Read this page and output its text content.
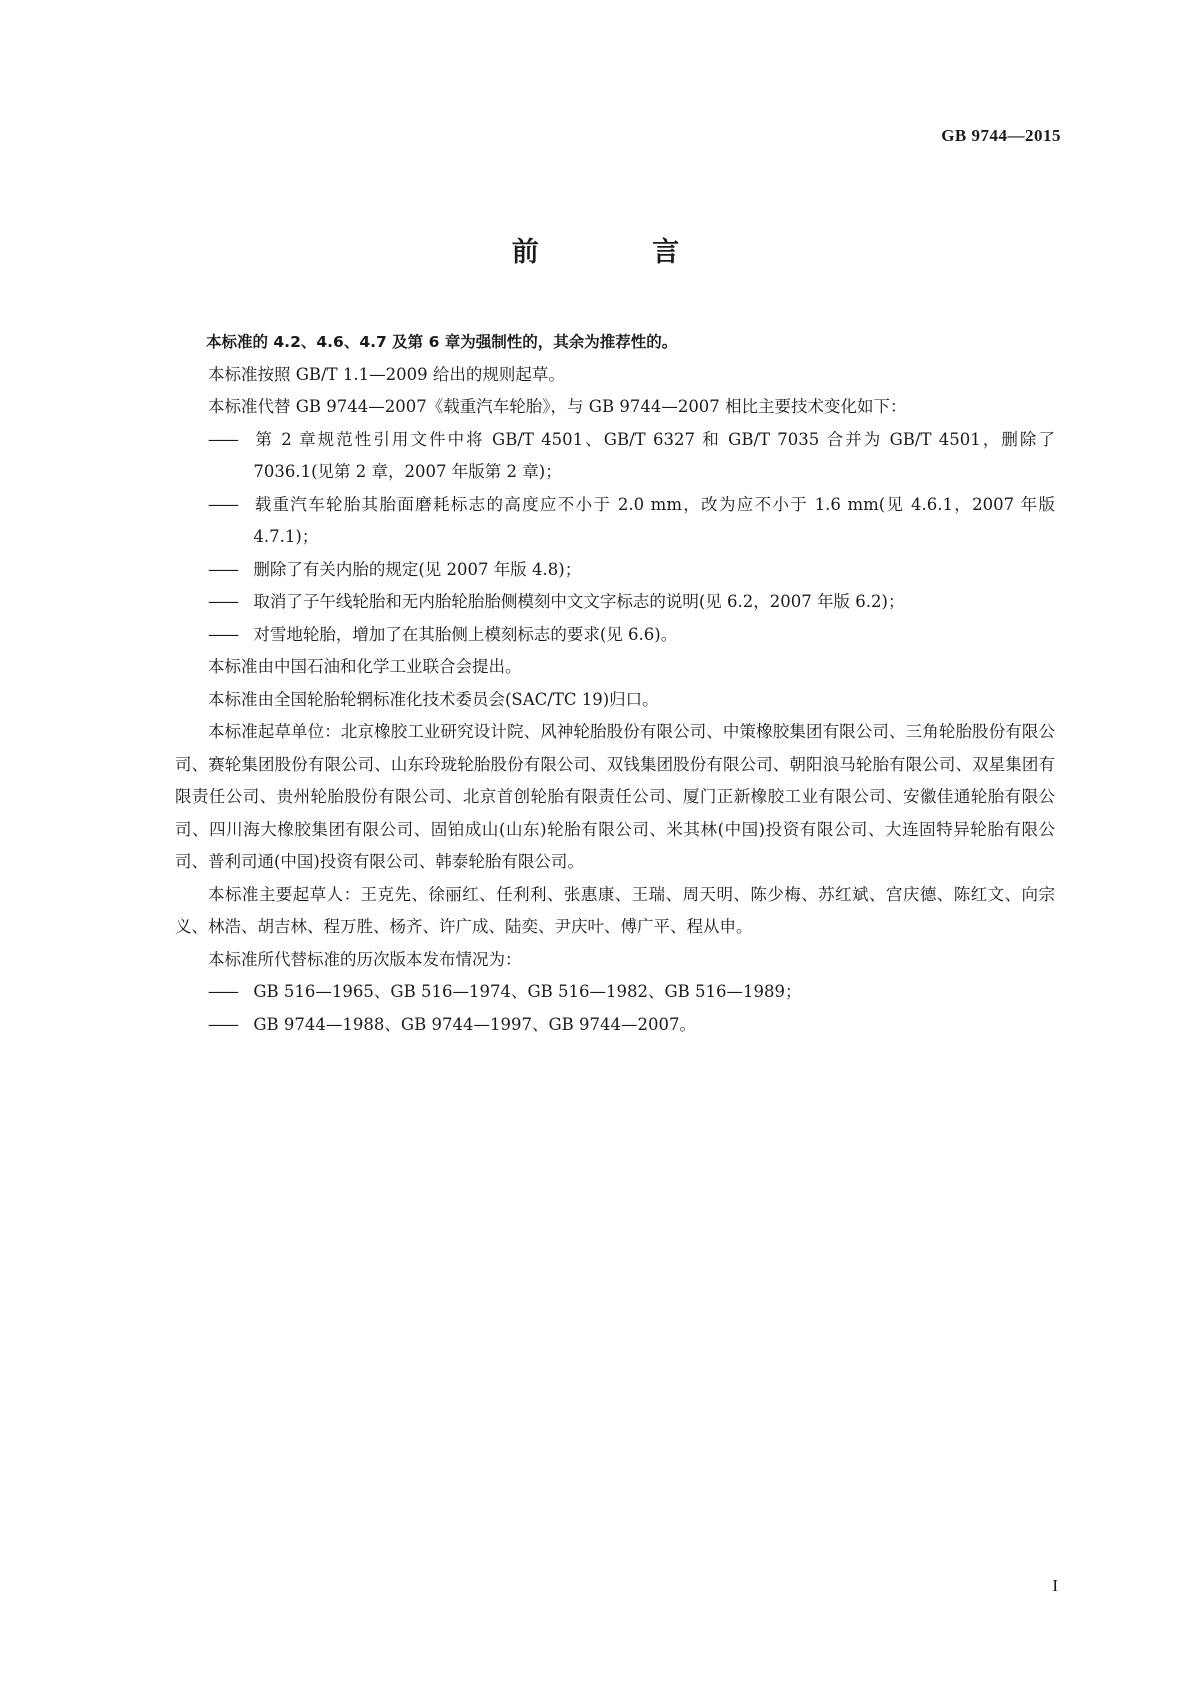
GB 9744—2015
前 言

本标准的 4.2、4.6、4.7 及第 6 章为强制性的，其余为推荐性的。

本标准按照 GB/T 1.1—2009 给出的规则起草。

本标准代替 GB 9744—2007《载重汽车轮胎》，与 GB 9744—2007 相比主要技术变化如下：

—— 第 2 章规范性引用文件中将 GB/T 4501、GB/T 6327 和 GB/T 7035 合并为 GB/T 4501，删除了 7036.1(见第 2 章，2007 年版第 2 章)；

—— 载重汽车轮胎其胎面磨耗标志的高度应不小于 2.0 mm，改为应不小于 1.6 mm(见 4.6.1，2007 年版 4.7.1)；

—— 删除了有关内胎的规定(见 2007 年版 4.8)；

—— 取消了子午线轮胎和无内胎轮胎胎侧模刻中文文字标志的说明(见 6.2，2007 年版 6.2)；

—— 对雪地轮胎，增加了在其胎侧上模刻标志的要求(见 6.6)。

本标准由中国石油和化学工业联合会提出。

本标准由全国轮胎轮辋标准化技术委员会(SAC/TC 19)归口。

本标准起草单位：北京橡胶工业研究设计院、风神轮胎股份有限公司、中策橡胶集团有限公司、三角轮胎股份有限公司、赛轮集团股份有限公司、山东玲珑轮胎股份有限公司、双钱集团股份有限公司、朝阳浪马轮胎有限公司、双星集团有限责任公司、贵州轮胎股份有限公司、北京首创轮胎有限责任公司、厦门正新橡胶工业有限公司、安徽佳通轮胎有限公司、四川海大橡胶集团有限公司、固铂成山(山东)轮胎有限公司、米其林(中国)投资有限公司、大连固特异轮胎有限公司、普利司通(中国)投资有限公司、韩泰轮胎有限公司。

本标准主要起草人：王克先、徐丽红、任利利、张惠康、王瑞、周天明、陈少梅、苏红斌、宫庆德、陈红文、向宗义、林浩、胡吉林、程万胜、杨齐、许广成、陆奕、尹庆叶、傅广平、程从申。

本标准所代替标准的历次版本发布情况为：

—— GB 516—1965、GB 516—1974、GB 516—1982、GB 516—1989；

—— GB 9744—1988、GB 9744—1997、GB 9744—2007。

I
